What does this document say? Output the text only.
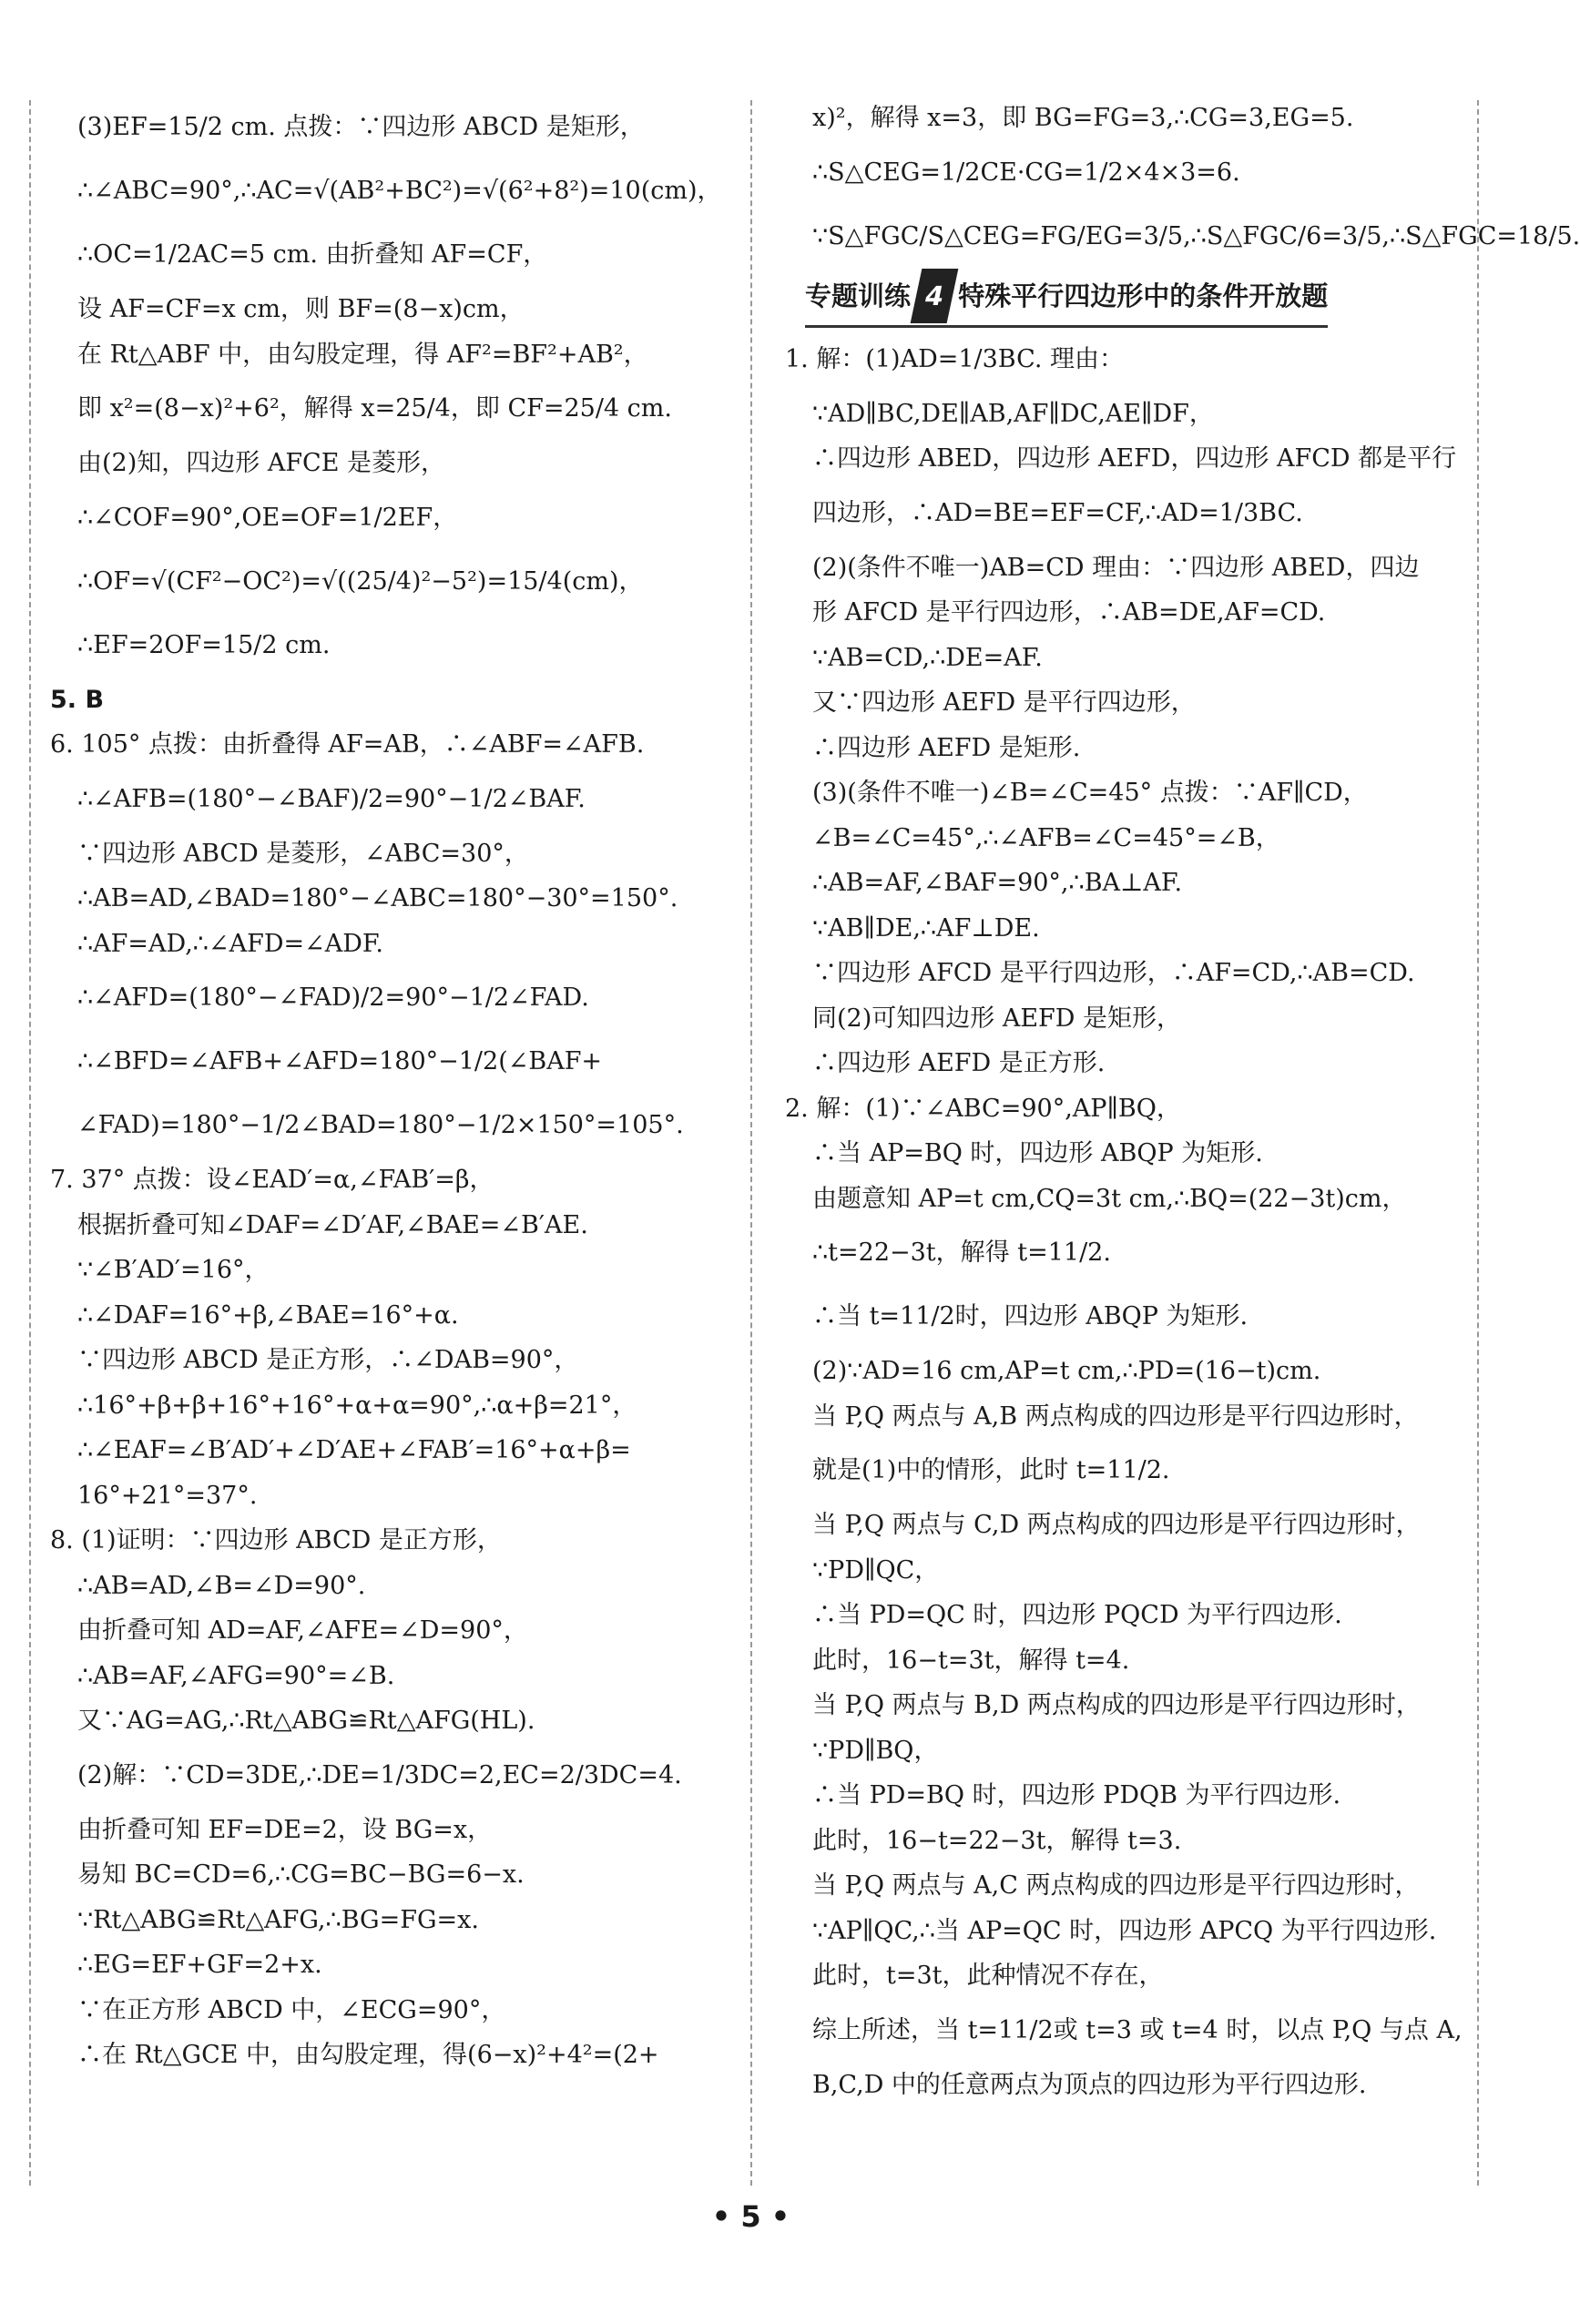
(3)EF=15/2 cm. 点拨：∵四边形 ABCD 是矩形，
∴∠ABC=90°,∴AC=√(AB²+BC²)=√(6²+8²)=10(cm)，
∴OC=1/2AC=5 cm. 由折叠知 AF=CF，
设 AF=CF=x cm，则 BF=(8−x)cm，
在 Rt△ABF 中，由勾股定理，得 AF²=BF²+AB²，
即 x²=(8−x)²+6²，解得 x=25/4，即 CF=25/4 cm.
由(2)知，四边形 AFCE 是菱形，
∴∠COF=90°,OE=OF=1/2EF，
∴OF=√(CF²−OC²)=√((25/4)²−5²)=15/4(cm)，
∴EF=2OF=15/2 cm.
5. B
6. 105° 点拨：由折叠得 AF=AB，∴∠ABF=∠AFB.
∴∠AFB=(180°−∠BAF)/2=90°−1/2∠BAF.
∵四边形 ABCD 是菱形，∠ABC=30°，
∴AB=AD,∠BAD=180°−∠ABC=180°−30°=150°.
∴AF=AD,∴∠AFD=∠ADF.
∴∠AFD=(180°−∠FAD)/2=90°−1/2∠FAD.
∴∠BFD=∠AFB+∠AFD=180°−1/2(∠BAF+
∠FAD)=180°−1/2∠BAD=180°−1/2×150°=105°.
7. 37° 点拨：设∠EAD′=α,∠FAB′=β，
根据折叠可知∠DAF=∠D′AF,∠BAE=∠B′AE.
∵∠B′AD′=16°，
∴∠DAF=16°+β,∠BAE=16°+α.
∵四边形 ABCD 是正方形，∴∠DAB=90°，
∴16°+β+β+16°+16°+α+α=90°,∴α+β=21°，
∴∠EAF=∠B′AD′+∠D′AE+∠FAB′=16°+α+β=
16°+21°=37°.
8. (1)证明：∵四边形 ABCD 是正方形，
∴AB=AD,∠B=∠D=90°.
由折叠可知 AD=AF,∠AFE=∠D=90°，
∴AB=AF,∠AFG=90°=∠B.
又∵AG=AG,∴Rt△ABG≌Rt△AFG(HL).
(2)解：∵CD=3DE,∴DE=1/3DC=2,EC=2/3DC=4.
由折叠可知 EF=DE=2，设 BG=x，
易知 BC=CD=6,∴CG=BC−BG=6−x.
∵Rt△ABG≌Rt△AFG,∴BG=FG=x.
∴EG=EF+GF=2+x.
∵在正方形 ABCD 中，∠ECG=90°，
∴在 Rt△GCE 中，由勾股定理，得(6−x)²+4²=(2+
x)²，解得 x=3，即 BG=FG=3,∴CG=3,EG=5.
∴S△CEG=1/2CE·CG=1/2×4×3=6.
∵S△FGC/S△CEG=FG/EG=3/5,∴S△FGC/6=3/5,∴S△FGC=18/5.
专题训练 4 特殊平行四边形中的条件开放题
1. 解：(1)AD=1/3BC. 理由：
∵AD∥BC,DE∥AB,AF∥DC,AE∥DF，
∴四边形 ABED，四边形 AEFD，四边形 AFCD 都是平行
四边形，∴AD=BE=EF=CF,∴AD=1/3BC.
(2)(条件不唯一)AB=CD 理由：∵四边形 ABED，四边
形 AFCD 是平行四边形，∴AB=DE,AF=CD.
∵AB=CD,∴DE=AF.
又∵四边形 AEFD 是平行四边形，
∴四边形 AEFD 是矩形.
(3)(条件不唯一)∠B=∠C=45° 点拨：∵AF∥CD，
∠B=∠C=45°,∴∠AFB=∠C=45°=∠B，
∴AB=AF,∠BAF=90°,∴BA⊥AF.
∵AB∥DE,∴AF⊥DE.
∵四边形 AFCD 是平行四边形，∴AF=CD,∴AB=CD.
同(2)可知四边形 AEFD 是矩形，
∴四边形 AEFD 是正方形.
2. 解：(1)∵∠ABC=90°,AP∥BQ，
∴当 AP=BQ 时，四边形 ABQP 为矩形.
由题意知 AP=t cm,CQ=3t cm,∴BQ=(22−3t)cm，
∴t=22−3t，解得 t=11/2.
∴当 t=11/2时，四边形 ABQP 为矩形.
(2)∵AD=16 cm,AP=t cm,∴PD=(16−t)cm.
当 P,Q 两点与 A,B 两点构成的四边形是平行四边形时，
就是(1)中的情形，此时 t=11/2.
当 P,Q 两点与 C,D 两点构成的四边形是平行四边形时，
∵PD∥QC，
∴当 PD=QC 时，四边形 PQCD 为平行四边形.
此时，16−t=3t，解得 t=4.
当 P,Q 两点与 B,D 两点构成的四边形是平行四边形时，
∵PD∥BQ，
∴当 PD=BQ 时，四边形 PDQB 为平行四边形.
此时，16−t=22−3t，解得 t=3.
当 P,Q 两点与 A,C 两点构成的四边形是平行四边形时，
∵AP∥QC,∴当 AP=QC 时，四边形 APCQ 为平行四边形.
此时，t=3t，此种情况不存在，
综上所述，当 t=11/2或 t=3 或 t=4 时，以点 P,Q 与点 A,
B,C,D 中的任意两点为顶点的四边形为平行四边形.
• 5 •
